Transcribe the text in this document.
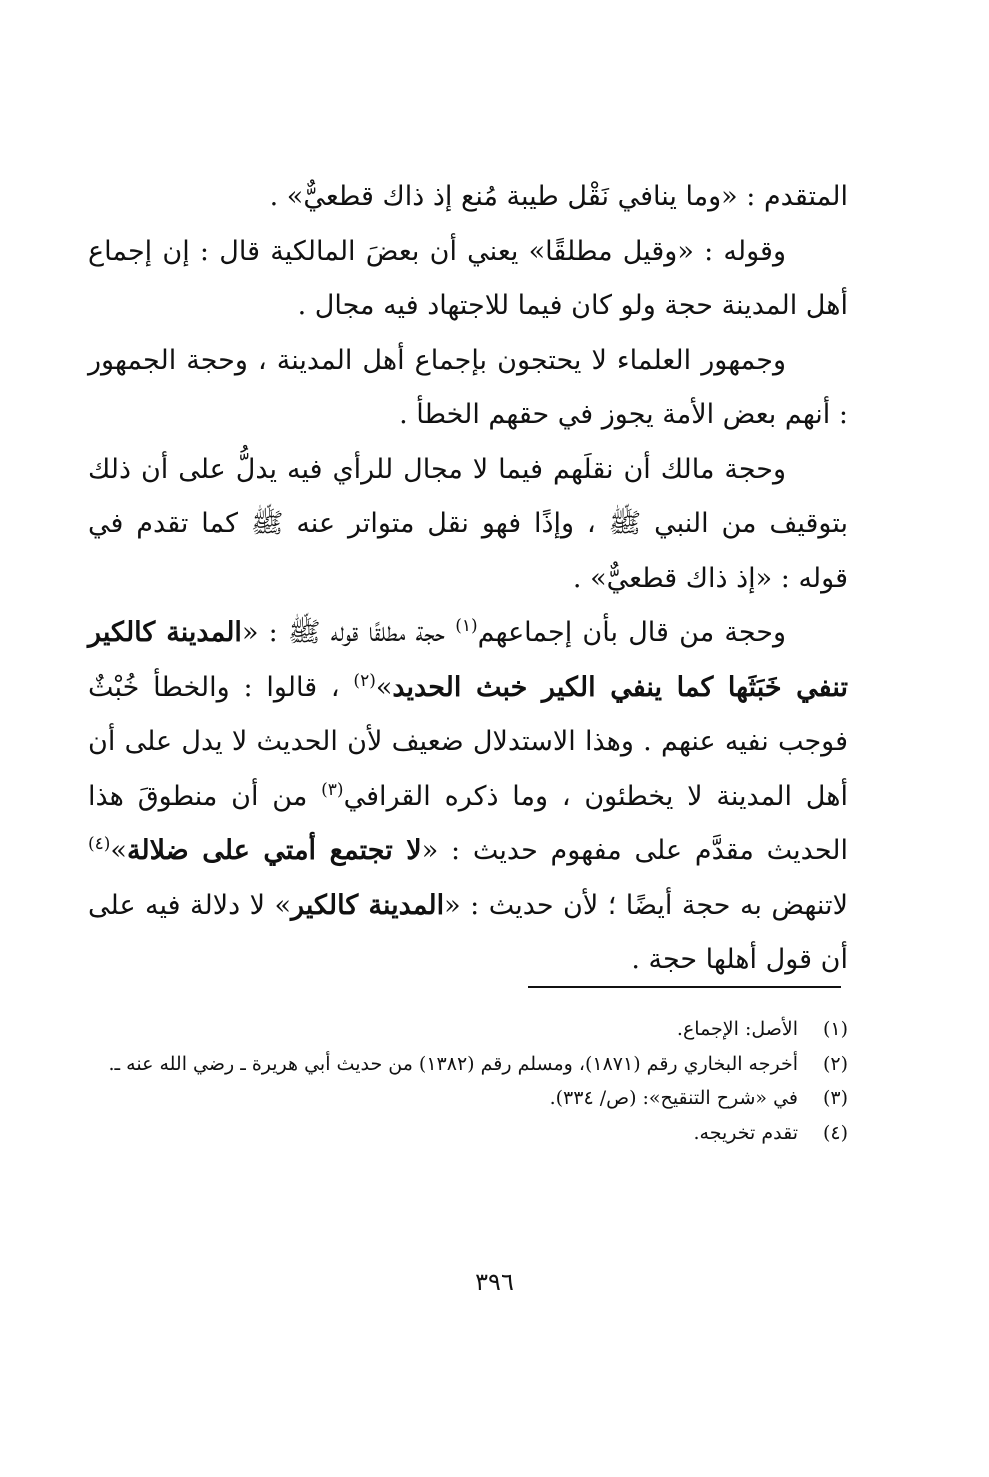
المتقدم : «وما ينافي نَقْل طيبة مُنع إذ ذاك قطعيٌّ» .

وقوله : «وقيل مطلقًا» يعني أن بعضَ المالكية قال : إن إجماع أهل المدينة حجة ولو كان فيما للاجتهاد فيه مجال .

وجمهور العلماء لا يحتجون بإجماع أهل المدينة ، وحجة الجمهور : أنهم بعض الأمة يجوز في حقهم الخطأ .

وحجة مالك أن نقلَهم فيما لا مجال للرأي فيه يدلُّ على أن ذلك بتوقيف من النبي ﷺ ، وإذًا فهو نقل متواتر عنه ﷺ كما تقدم في قوله : «إذ ذاك قطعيٌّ» .

وحجة من قال بأن إجماعهم$^{(١)}$ حجة مطلقًا قوله ﷺ : «المدينة كالكير تنفي خَبَثَها كما ينفي الكير خبث الحديد»$^{(٢)}$ ، قالوا : والخطأ خُبْثٌ فوجب نفيه عنهم . وهذا الاستدلال ضعيف لأن الحديث لا يدل على أن أهل المدينة لا يخطئون ، وما ذكره القرافي$^{(٣)}$ من أن منطوقَ هذا الحديث مقدَّم على مفهوم حديث : «لا تجتمع أمتي على ضلالة»$^{(٤)}$ لاتنهض به حجة أيضًا ؛ لأن حديث : «المدينة كالكير» لا دلالة فيه على أن قول أهلها حجة .

(١)
الأصل: الإجماع.
(٢)
أخرجه البخاري رقم (١٨٧١)، ومسلم رقم (١٣٨٢) من حديث أبي هريرة ـ رضي الله عنه ـ.
(٣)
في «شرح التنقيح»: (ص/ ٣٣٤).
(٤)
تقدم تخريجه.
٣٩٦
